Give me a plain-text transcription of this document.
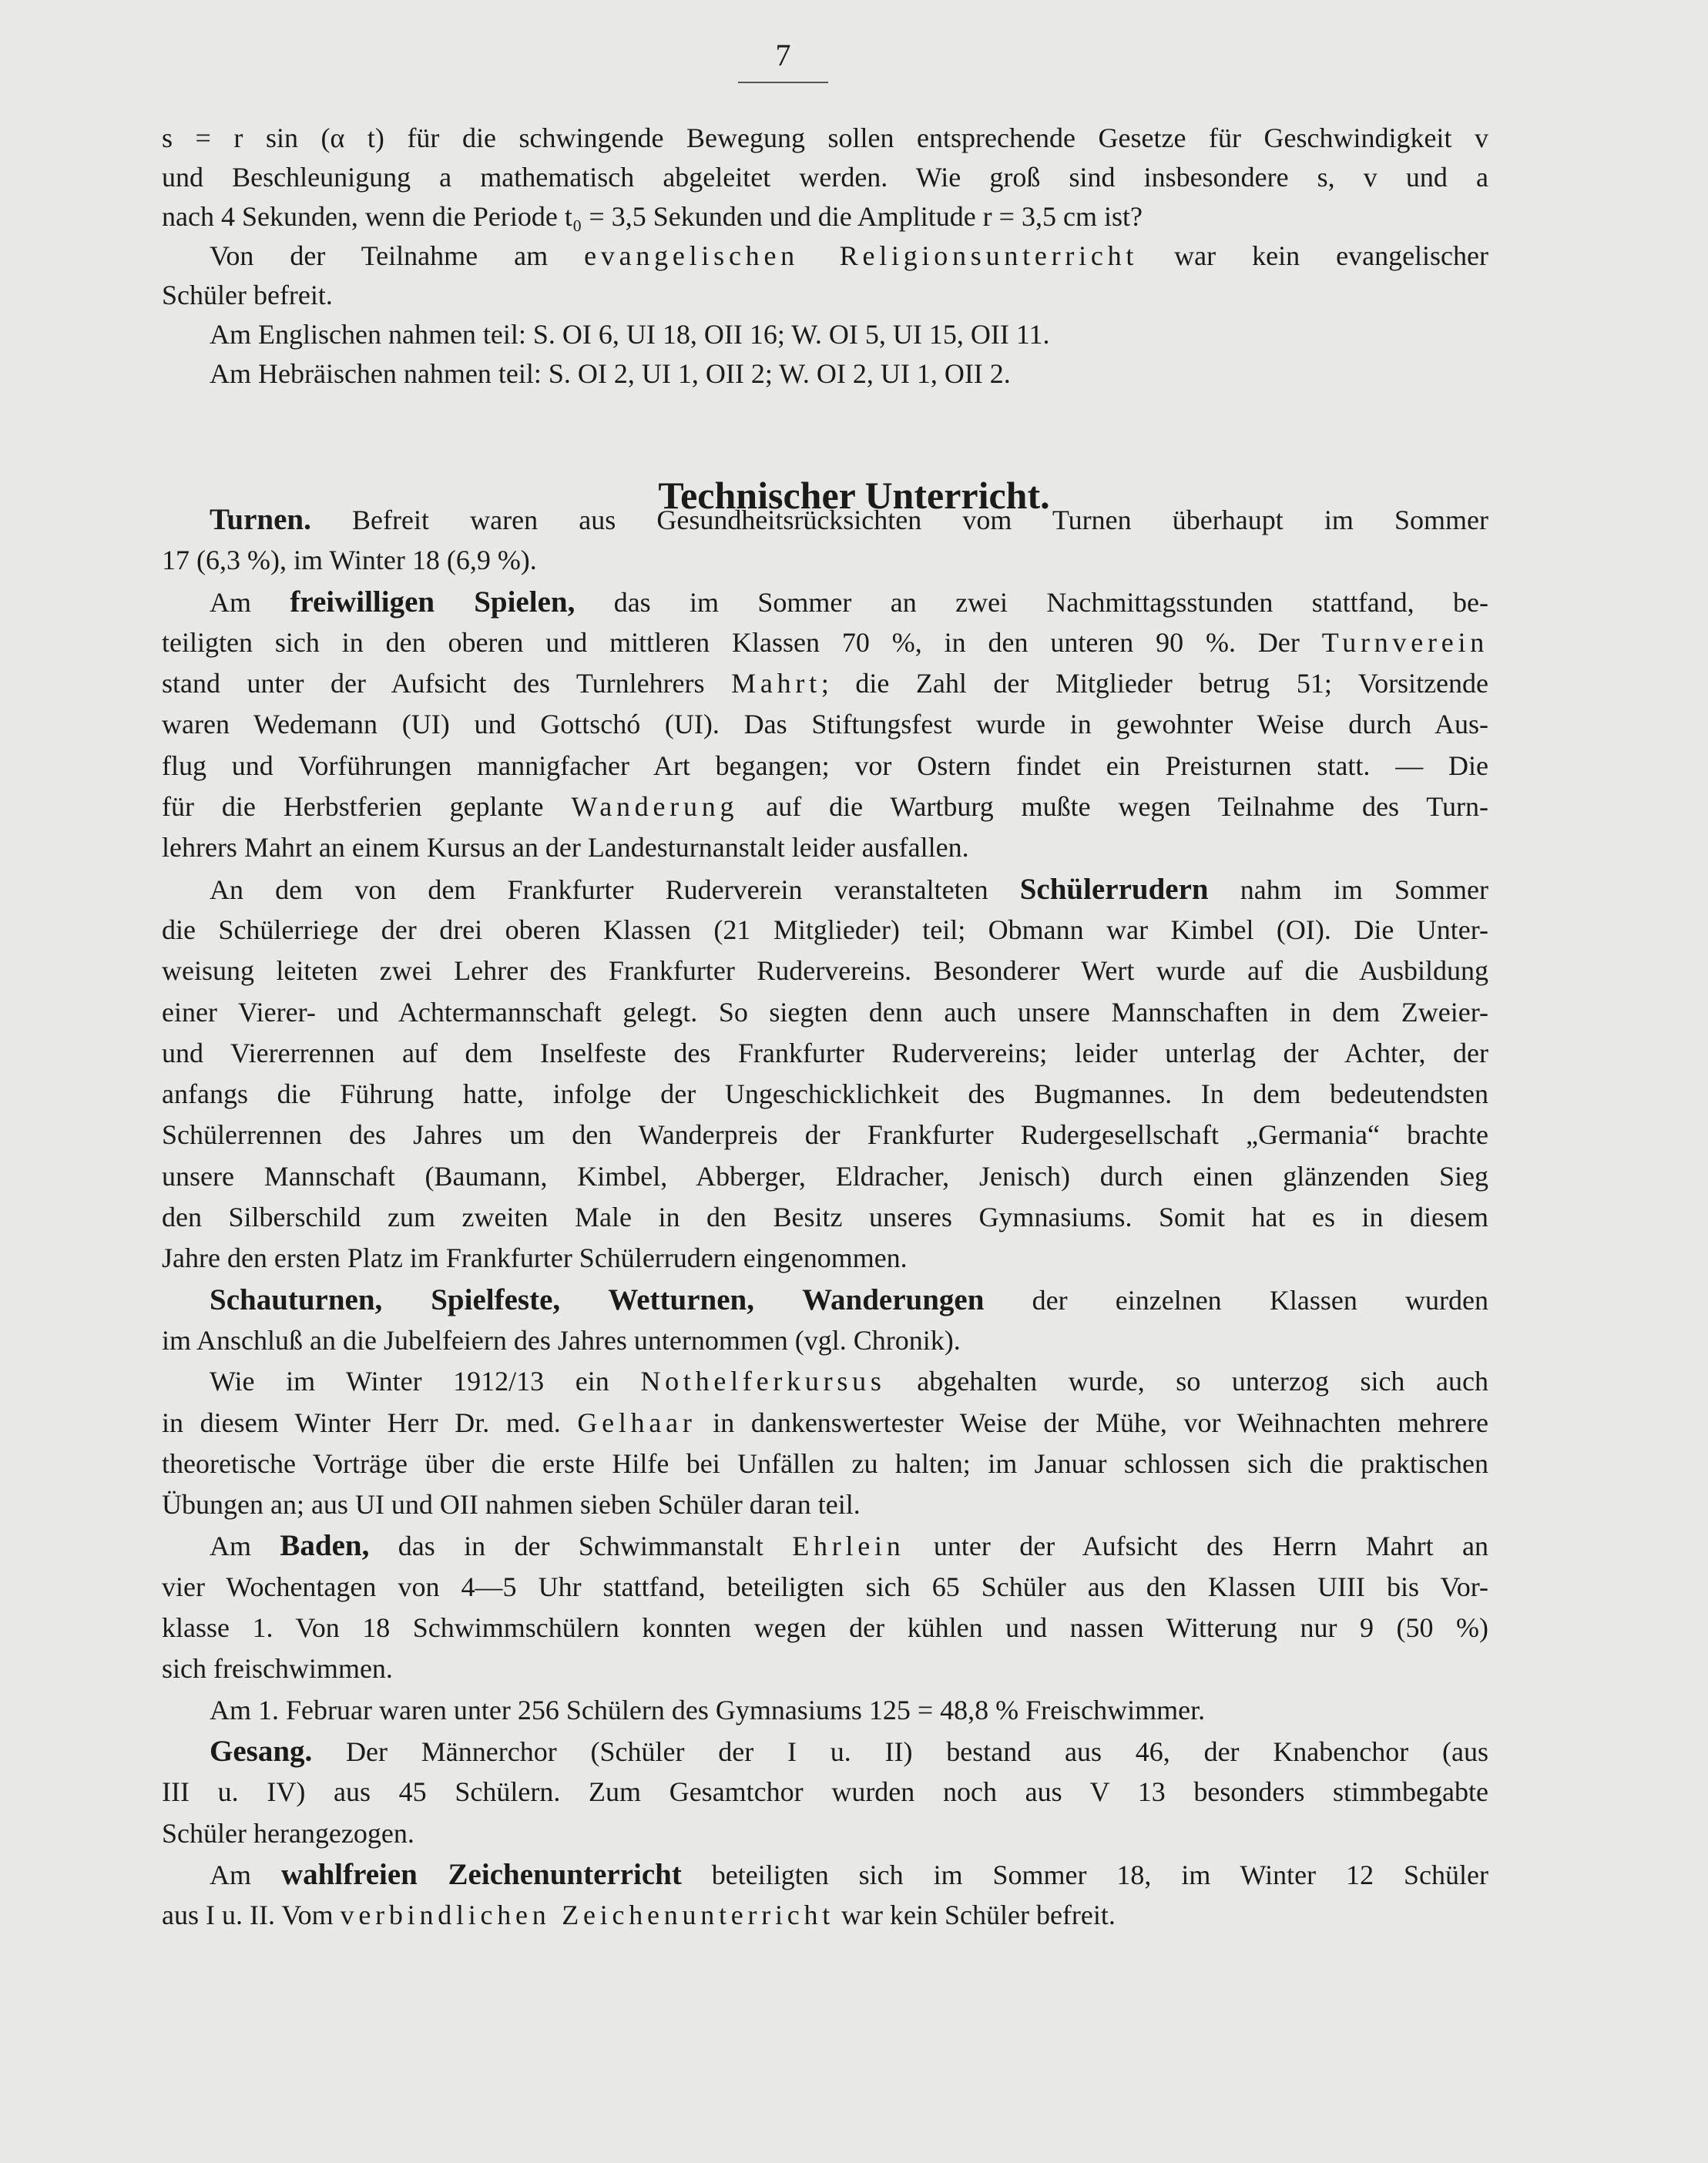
7
s = r sin (α t) für die schwingende Bewegung sollen entsprechende Gesetze für Geschwindigkeit v
und Beschleunigung a mathematisch abgeleitet werden. Wie groß sind insbesondere s, v und a
nach 4 Sekunden, wenn die Periode t₀ = 3,5 Sekunden und die Amplitude r = 3,5 cm ist?
Von der Teilnahme am evangelischen Religionsunterricht war kein evangelischer
Schüler befreit.
Am Englischen nahmen teil: S. OI 6, UI 18, OII 16; W. OI 5, UI 15, OII 11.
Am Hebräischen nahmen teil: S. OI 2, UI 1, OII 2; W. OI 2, UI 1, OII 2.
Technischer Unterricht.
Turnen. Befreit waren aus Gesundheitsrücksichten vom Turnen überhaupt im Sommer
17 (6,3 %), im Winter 18 (6,9 %).
Am freiwilligen Spielen, das im Sommer an zwei Nachmittagsstunden stattfand, be-
teiligten sich in den oberen und mittleren Klassen 70 %, in den unteren 90 %. Der Turnverein
stand unter der Aufsicht des Turnlehrers Mahrt; die Zahl der Mitglieder betrug 51; Vorsitzende
waren Wedemann (UI) und Gottschó (UI). Das Stiftungsfest wurde in gewohnter Weise durch Aus-
flug und Vorführungen mannigfacher Art begangen; vor Ostern findet ein Preisturnen statt. — Die
für die Herbstferien geplante Wanderung auf die Wartburg mußte wegen Teilnahme des Turn-
lehrers Mahrt an einem Kursus an der Landesturnanstalt leider ausfallen.
An dem von dem Frankfurter Ruderverein veranstalteten Schülerrudern nahm im Sommer
die Schülerriege der drei oberen Klassen (21 Mitglieder) teil; Obmann war Kimbel (OI). Die Unter-
weisung leiteten zwei Lehrer des Frankfurter Rudervereins. Besonderer Wert wurde auf die Ausbildung
einer Vierer- und Achtermannschaft gelegt. So siegten denn auch unsere Mannschaften in dem Zweier-
und Viererrennen auf dem Inselfeste des Frankfurter Rudervereins; leider unterlag der Achter, der
anfangs die Führung hatte, infolge der Ungeschicklichkeit des Bugmannes. In dem bedeutendsten
Schülerrennen des Jahres um den Wanderpreis der Frankfurter Rudergesellschaft „Germania“ brachte
unsere Mannschaft (Baumann, Kimbel, Abberger, Eldracher, Jenisch) durch einen glänzenden Sieg
den Silberschild zum zweiten Male in den Besitz unseres Gymnasiums. Somit hat es in diesem
Jahre den ersten Platz im Frankfurter Schülerrudern eingenommen.
Schauturnen, Spielfeste, Wetturnen, Wanderungen der einzelnen Klassen wurden
im Anschluß an die Jubelfeiern des Jahres unternommen (vgl. Chronik).
Wie im Winter 1912/13 ein Nothelferkursus abgehalten wurde, so unterzog sich auch
in diesem Winter Herr Dr. med. Gelhaar in dankenswertester Weise der Mühe, vor Weihnachten mehrere
theoretische Vorträge über die erste Hilfe bei Unfällen zu halten; im Januar schlossen sich die praktischen
Übungen an; aus UI und OII nahmen sieben Schüler daran teil.
Am Baden, das in der Schwimmanstalt Ehrlein unter der Aufsicht des Herrn Mahrt an
vier Wochentagen von 4—5 Uhr stattfand, beteiligten sich 65 Schüler aus den Klassen UIII bis Vor-
klasse 1. Von 18 Schwimmschülern konnten wegen der kühlen und nassen Witterung nur 9 (50 %)
sich freischwimmen.
Am 1. Februar waren unter 256 Schülern des Gymnasiums 125 = 48,8 % Freischwimmer.
Gesang. Der Männerchor (Schüler der I u. II) bestand aus 46, der Knabenchor (aus
III u. IV) aus 45 Schülern. Zum Gesamtchor wurden noch aus V 13 besonders stimmbegabte
Schüler herangezogen.
Am wahlfreien Zeichenunterricht beteiligten sich im Sommer 18, im Winter 12 Schüler
aus I u. II. Vom verbindlichen Zeichenunterricht war kein Schüler befreit.
